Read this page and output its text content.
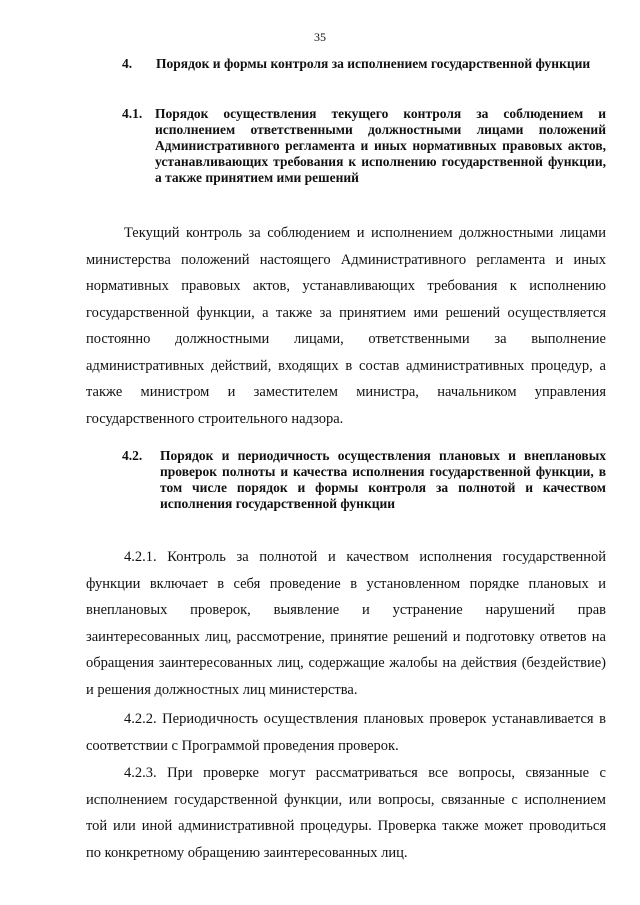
35
4. Порядок и формы контроля за исполнением государственной функции
4.1. Порядок осуществления текущего контроля за соблюдением и исполнением ответственными должностными лицами положений Административного регламента и иных нормативных правовых актов, устанавливающих требования к исполнению государственной функции, а также принятием ими решений
Текущий контроль за соблюдением и исполнением должностными лицами министерства положений настоящего Административного регламента и иных нормативных правовых актов, устанавливающих требования к исполнению государственной функции, а также за принятием ими решений осуществляется постоянно должностными лицами, ответственными за выполнение административных действий, входящих в состав административных процедур, а также министром и заместителем министра, начальником управления государственного строительного надзора.
4.2. Порядок и периодичность осуществления плановых и внеплановых проверок полноты и качества исполнения государственной функции, в том числе порядок и формы контроля за полнотой и качеством исполнения государственной функции
4.2.1. Контроль за полнотой и качеством исполнения государственной функции включает в себя проведение в установленном порядке плановых и внеплановых проверок, выявление и устранение нарушений прав заинтересованных лиц, рассмотрение, принятие решений и подготовку ответов на обращения заинтересованных лиц, содержащие жалобы на действия (бездействие) и решения должностных лиц министерства.
4.2.2. Периодичность осуществления плановых проверок устанавливается в соответствии с Программой проведения проверок.
4.2.3. При проверке могут рассматриваться все вопросы, связанные с исполнением государственной функции, или вопросы, связанные с исполнением той или иной административной процедуры. Проверка также может проводиться по конкретному обращению заинтересованных лиц.
